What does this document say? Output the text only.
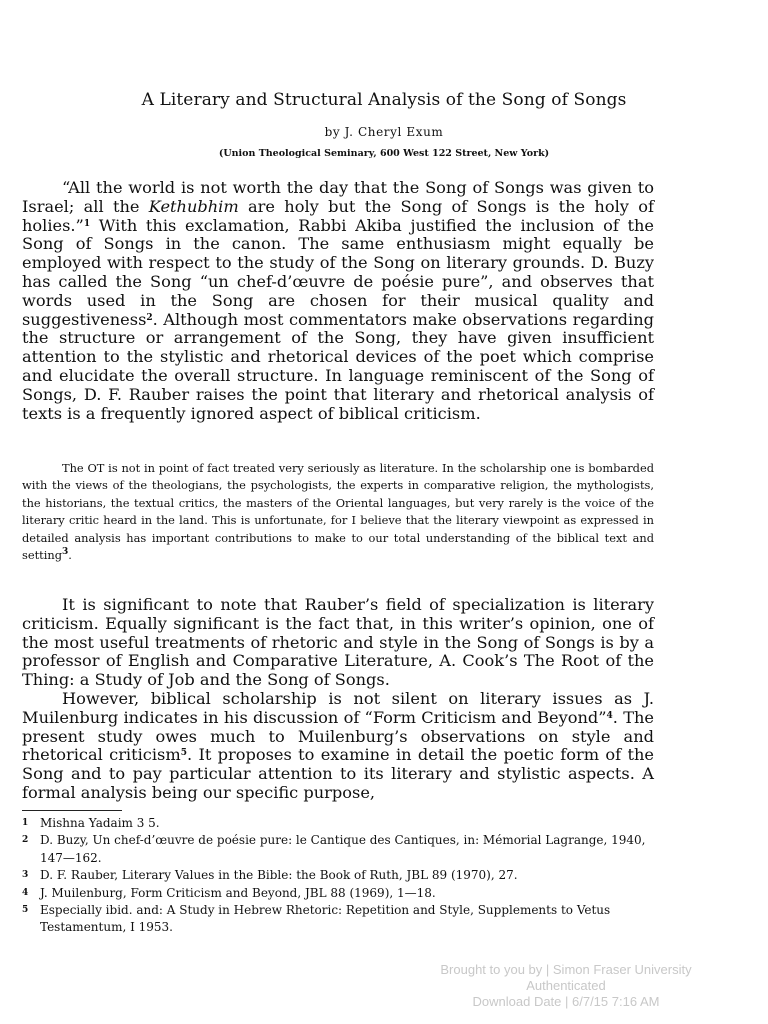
A Literary and Structural Analysis of the Song of Songs
by J. Cheryl Exum
(Union Theological Seminary, 600 West 122 Street, New York)

“All the world is not worth the day that the Song of Songs was given to Israel; all the Kethubhim are holy but the Song of Songs is the holy of holies.”$^1$ With this exclamation, Rabbi Akiba justified the inclusion of the Song of Songs in the canon. The same enthusiasm might equally be employed with respect to the study of the Song on literary grounds. D. Buzy has called the Song “un chef-d’œuvre de poésie pure”, and observes that words used in the Song are chosen for their musical quality and suggestiveness$^2$. Although most commentators make observations regarding the structure or arrangement of the Song, they have given insufficient attention to the stylistic and rhetorical devices of the poet which comprise and elucidate the overall structure. In language reminiscent of the Song of Songs, D. F. Rauber raises the point that literary and rhetorical analysis of texts is a frequently ignored aspect of biblical criticism.

The OT is not in point of fact treated very seriously as literature. In the scholarship one is bombarded with the views of the theologians, the psychologists, the experts in comparative religion, the mythologists, the historians, the textual critics, the masters of the Oriental languages, but very rarely is the voice of the literary critic heard in the land. This is unfortunate, for I believe that the literary viewpoint as expressed in detailed analysis has important contributions to make to our total understanding of the biblical text and setting$^3$.

It is significant to note that Rauber’s field of specialization is literary criticism. Equally significant is the fact that, in this writer’s opinion, one of the most useful treatments of rhetoric and style in the Song of Songs is by a professor of English and Comparative Literature, A. Cook’s The Root of the Thing: a Study of Job and the Song of Songs.

However, biblical scholarship is not silent on literary issues as J. Muilenburg indicates in his discussion of “Form Criticism and Beyond”$^4$. The present study owes much to Muilenburg’s observations on style and rhetorical criticism$^5$. It proposes to examine in detail the poetic form of the Song and to pay particular attention to its literary and stylistic aspects. A formal analysis being our specific purpose,

1 Mishna Yadaim 3 5.
2 D. Buzy, Un chef-d’œuvre de poésie pure: le Cantique des Cantiques, in: Mémorial Lagrange, 1940, 147—162.
3 D. F. Rauber, Literary Values in the Bible: the Book of Ruth, JBL 89 (1970), 27.
4 J. Muilenburg, Form Criticism and Beyond, JBL 88 (1969), 1—18.
5 Especially ibid. and: A Study in Hebrew Rhetoric: Repetition and Style, Supplements to Vetus Testamentum, I 1953.
Brought to you by | Simon Fraser University
Authenticated
Download Date | 6/7/15 7:16 AM
